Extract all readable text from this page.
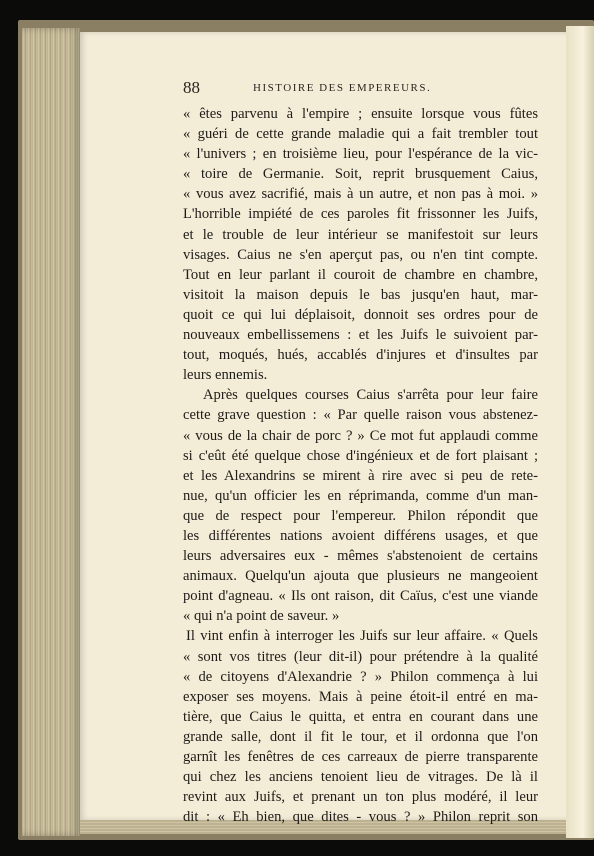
88	HISTOIRE DES EMPEREURS.
« êtes parvenu à l'empire ; ensuite lorsque vous fûtes
« guéri de cette grande maladie qui a fait trembler tout
« l'univers ; en troisième lieu, pour l'espérance de la vic-
« toire de Germanie. Soit, reprit brusquement Caius,
« vous avez sacrifié, mais à un autre, et non pas à moi. »
L'horrible impiété de ces paroles fit frissonner les Juifs,
et le trouble de leur intérieur se manifestoit sur leurs
visages. Caius ne s'en aperçut pas, ou n'en tint compte.
Tout en leur parlant il couroit de chambre en chambre,
visitoit la maison depuis le bas jusqu'en haut, mar-
quoit ce qui lui déplaisoit, donnoit ses ordres pour de
nouveaux embellissemens : et les Juifs le suivoient par-
tout, moqués, hués, accablés d'injures et d'insultes par
leurs ennemis.
Après quelques courses Caius s'arrêta pour leur faire
cette grave question : « Par quelle raison vous abstenez-
« vous de la chair de porc ? » Ce mot fut applaudi comme
si c'eût été quelque chose d'ingénieux et de fort plaisant ;
et les Alexandrins se mirent à rire avec si peu de rete-
nue, qu'un officier les en réprimanda, comme d'un man-
que de respect pour l'empereur. Philon répondit que
les différentes nations avoient différens usages, et que
leurs adversaires eux - mêmes s'abstenoient de certains
animaux. Quelqu'un ajouta que plusieurs ne mangeoient
point d'agneau. « Ils ont raison, dit Caïus, c'est une viande
« qui n'a point de saveur. »
Il vint enfin à interroger les Juifs sur leur affaire. « Quels
« sont vos titres (leur dit-il) pour prétendre à la qualité
« de citoyens d'Alexandrie ? » Philon commença à lui
exposer ses moyens. Mais à peine étoit-il entré en ma-
tière, que Caius le quitta, et entra en courant dans une
grande salle, dont il fit le tour, et il ordonna que l'on
garnît les fenêtres de ces carreaux de pierre transparente
qui chez les anciens tenoient lieu de vitrages. De là il
revint aux Juifs, et prenant un ton plus modéré, il leur
dit : « Eh bien, que dites - vous ? » Philon reprit son
